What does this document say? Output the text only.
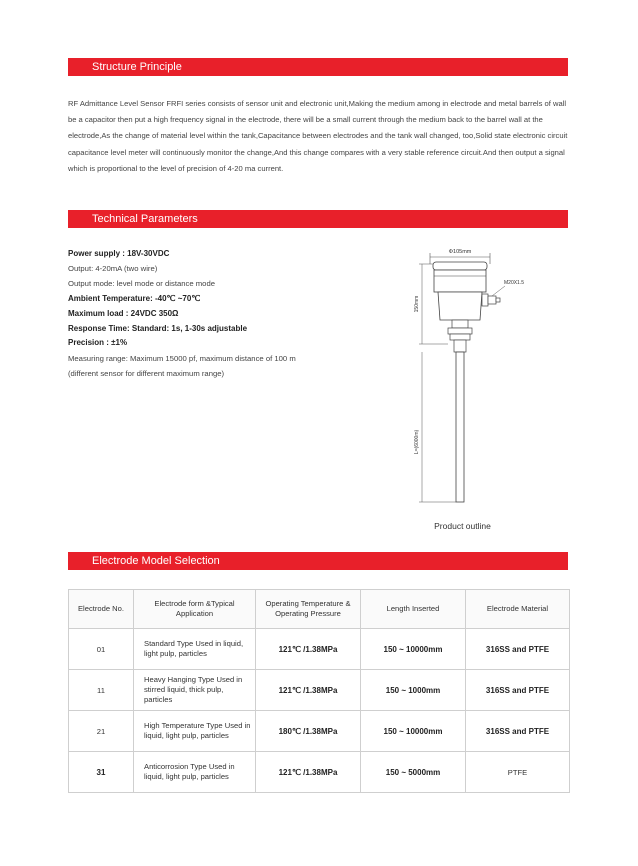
Structure Principle

RF Admittance Level Sensor FRFI series consists of sensor unit and electronic unit,Making the medium among in electrode and metal barrels of wall be a capacitor then put a high frequency signal in the electrode, there will be a small current through the medium back to the barrel wall at the electrode,As the change of material level within the tank,Capacitance between electrodes and the tank wall changed, too,Solid state electronic circuit capacitance level meter will continuously monitor the change,And this change compares with a very stable reference circuit.And then output a signal which is proportional to the level of precision of 4-20 ma current.

Technical Parameters
Power supply : 18V-30VDC
Output: 4-20mA (two wire)
Output mode: level mode or distance mode
Ambient Temperature: -40℃ ~70℃
Maximum load : 24VDC 350Ω
Response Time: Standard: 1s, 1-30s adjustable
Precision : ±1%
Measuring range: Maximum 15000 pf, maximum distance of 100 m (different sensor for different maximum range)
Φ105mm
M20X1.5
150mm
L=(6000m)
Product outline
Electrode Model Selection
Electrode No.	Electrode form &Typical Application	Operating Temperature & Operating Pressure	Length Inserted	Electrode Material
01	Standard Type Used in liquid, light pulp, particles	121℃ /1.38MPa	150 ~ 10000mm	316SS and PTFE
11	Heavy Hanging Type Used in stirred liquid, thick pulp, particles	121℃ /1.38MPa	150 ~ 1000mm	316SS and PTFE
21	High Temperature Type Used in liquid, light pulp, particles	180℃ /1.38MPa	150 ~ 10000mm	316SS and PTFE
31	Anticorrosion Type Used in liquid, light pulp, particles	121℃ /1.38MPa	150 ~ 5000mm	PTFE
